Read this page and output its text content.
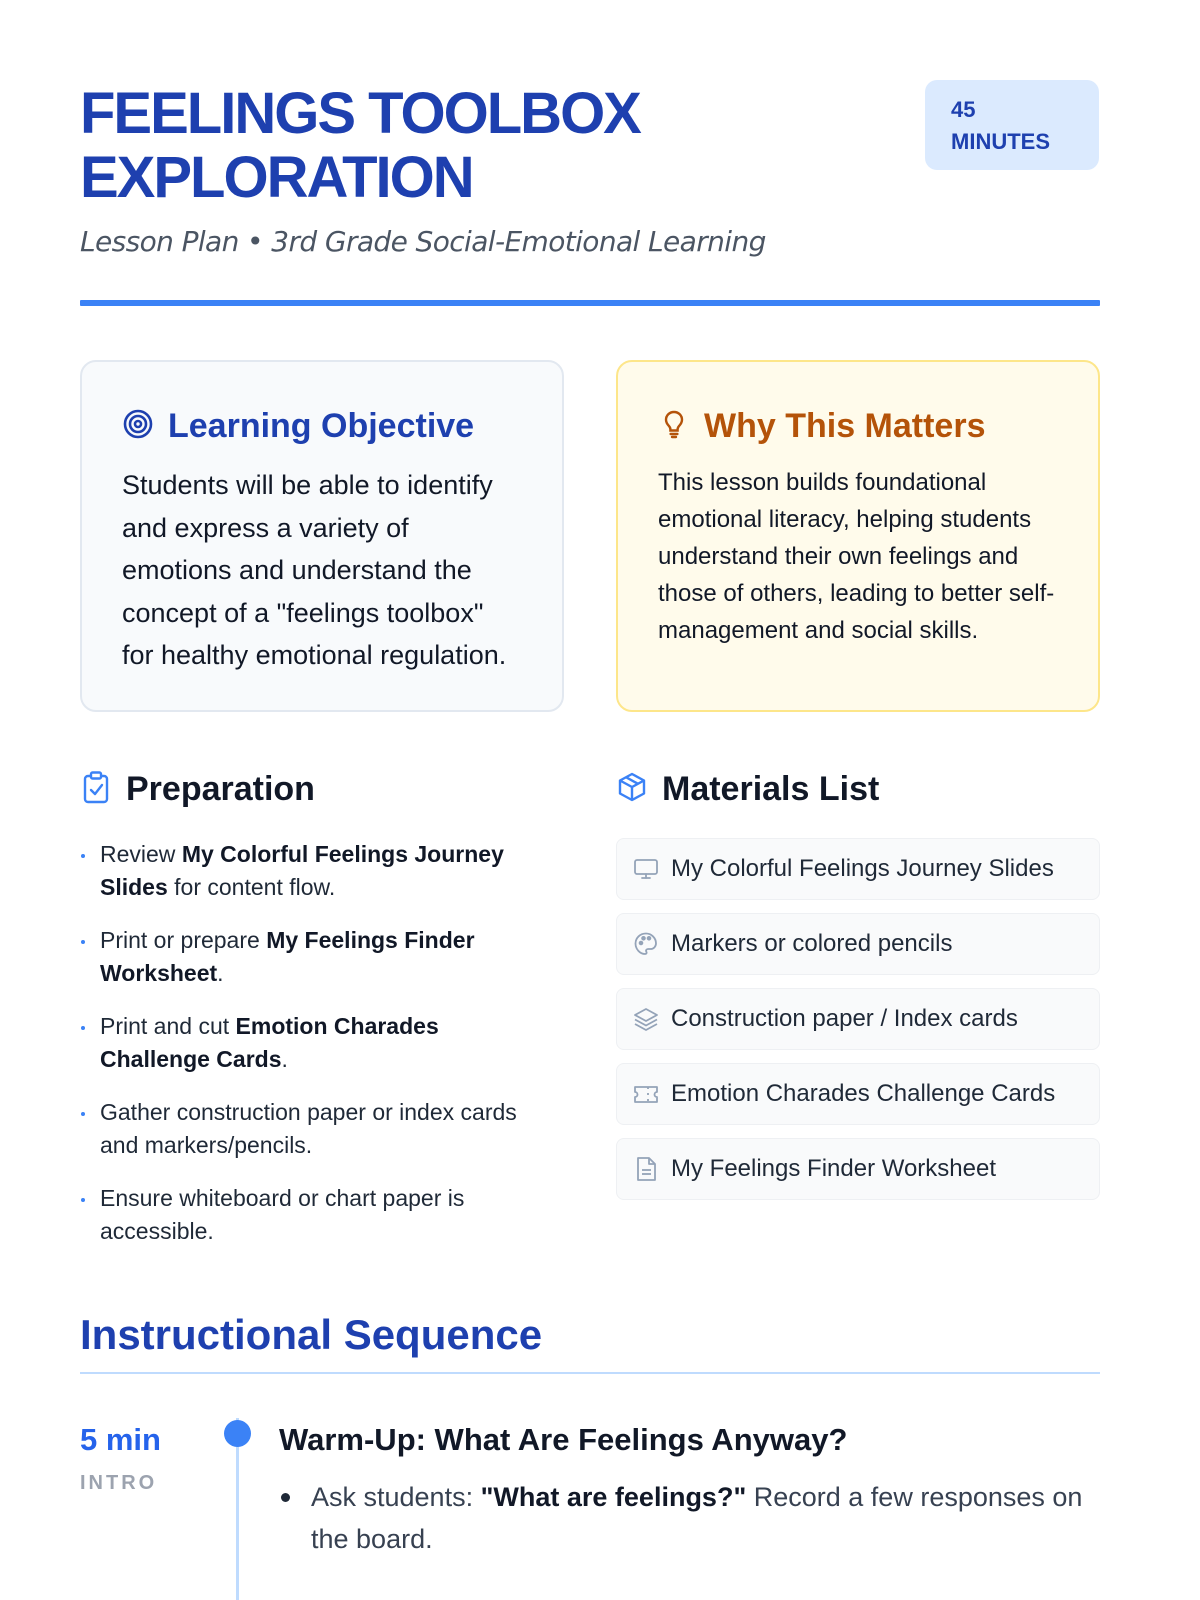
FEELINGS TOOLBOX
EXPLORATION
45
MINUTES

Lesson Plan • 3rd Grade Social-Emotional Learning

Learning Objective

Students will be able to identify and express a variety of emotions and understand the concept of a "feelings toolbox" for healthy emotional regulation.

Why This Matters

This lesson builds foundational emotional literacy, helping students understand their own feelings and those of others, leading to better self-management and social skills.

Preparation
Review My Colorful Feelings Journey Slides for content flow.
Print or prepare My Feelings Finder Worksheet.
Print and cut Emotion Charades Challenge Cards.
Gather construction paper or index cards and markers/pencils.
Ensure whiteboard or chart paper is accessible.
Materials List
My Colorful Feelings Journey Slides
Markers or colored pencils
Construction paper / Index cards
Emotion Charades Challenge Cards
My Feelings Finder Worksheet
Instructional Sequence
5 min
INTRO
Warm-Up: What Are Feelings Anyway?
Ask students: "What are feelings?" Record a few responses on the board.
